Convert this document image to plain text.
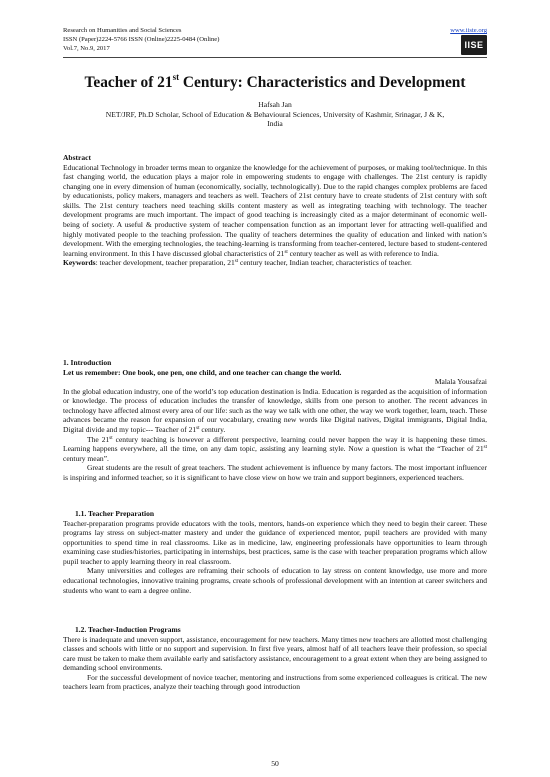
Research on Humanities and Social Sciences	www.iiste.org
ISSN (Paper)2224-5766 ISSN (Online)2225-0484 (Online)
Vol.7, No.9, 2017	IISE
Teacher of 21st Century: Characteristics and Development
Hafsah Jan
NET/JRF, Ph.D Scholar, School of Education & Behavioural Sciences, University of Kashmir, Srinagar, J & K,
India

Abstract

Educational Technology in broader terms mean to organize the knowledge for the achievement of purposes, or making tool/technique. In this fast changing world, the education plays a major role in empowering students to engage with challenges. The 21st century is rapidly changing one in every dimension of human (economically, socially, technologically). Due to the rapid changes complex problems are faced by educationists, policy makers, managers and teachers as well. Teachers of 21st century have to create students of 21st century with soft skills. The 21st century teachers need teaching skills content mastery as well as integrating teaching with technology. The teacher development programs are much important. The impact of good teaching is increasingly cited as a major determinant of economic well-being of society. A useful & productive system of teacher compensation function as an important lever for attracting well-qualified and highly motivated people to the teaching profession. The quality of teachers determines the quality of education and linked with nation’s development. With the emerging technologies, the teaching-learning is transforming from teacher-centered, lecture based to student-centered learning environment. In this I have discussed global characteristics of 21st century teacher as well as with reference to India.

Keywords: teacher development, teacher preparation, 21st century teacher, Indian teacher, characteristics of teacher.

1. Introduction

Let us remember: One book, one pen, one child, and one teacher can change the world.

Malala Yousafzai

In the global education industry, one of the world’s top education destination is India. Education is regarded as the acquisition of information or knowledge. The process of education includes the transfer of knowledge, skills from one person to another. The recent advances in technology have affected almost every area of our life: such as the way we talk with one other, the way we work together, learn, teach. These advances became the reason for expansion of our vocabulary, creating new words like Digital natives, Digital immigrants, Digital India, Digital divide and my topic--- Teacher of 21st century.

The 21st century teaching is however a different perspective, learning could never happen the way it is happening these times. Learning happens everywhere, all the time, on any dam topic, assisting any learning style. Now a question is what the “Teacher of 21st century mean”.

Great students are the result of great teachers. The student achievement is influence by many factors. The most important influencer is inspiring and informed teacher, so it is significant to have close view on how we train and support beginners, experienced teachers.

1.1. Teacher Preparation

Teacher-preparation programs provide educators with the tools, mentors, hands-on experience which they need to begin their career. These programs lay stress on subject-matter mastery and under the guidance of experienced mentor, pupil teachers are provided with many opportunities to spend time in real classrooms. Like as in medicine, law, engineering professionals have opportunities to learn through examining case studies/histories, participating in internships, best practices, same is the case with teacher preparation programs which allow pupil teacher to apply learning theory in real classroom.

Many universities and colleges are reframing their schools of education to lay stress on content knowledge, use more and more educational technologies, innovative training programs, create schools of professional development with an intention at career switchers and students who want to earn a degree online.

1.2. Teacher-Induction Programs

There is inadequate and uneven support, assistance, encouragement for new teachers. Many times new teachers are allotted most challenging classes and schools with little or no support and supervision. In first five years, almost half of all teachers leave their profession, so special care must be taken to make them available early and satisfactory assistance, encouragement to a great extent when they are being assigned to demanding school environments.

For the successful development of novice teacher, mentoring and instructions from some experienced colleagues is critical. The new teachers learn from practices, analyze their teaching through good introduction

50
